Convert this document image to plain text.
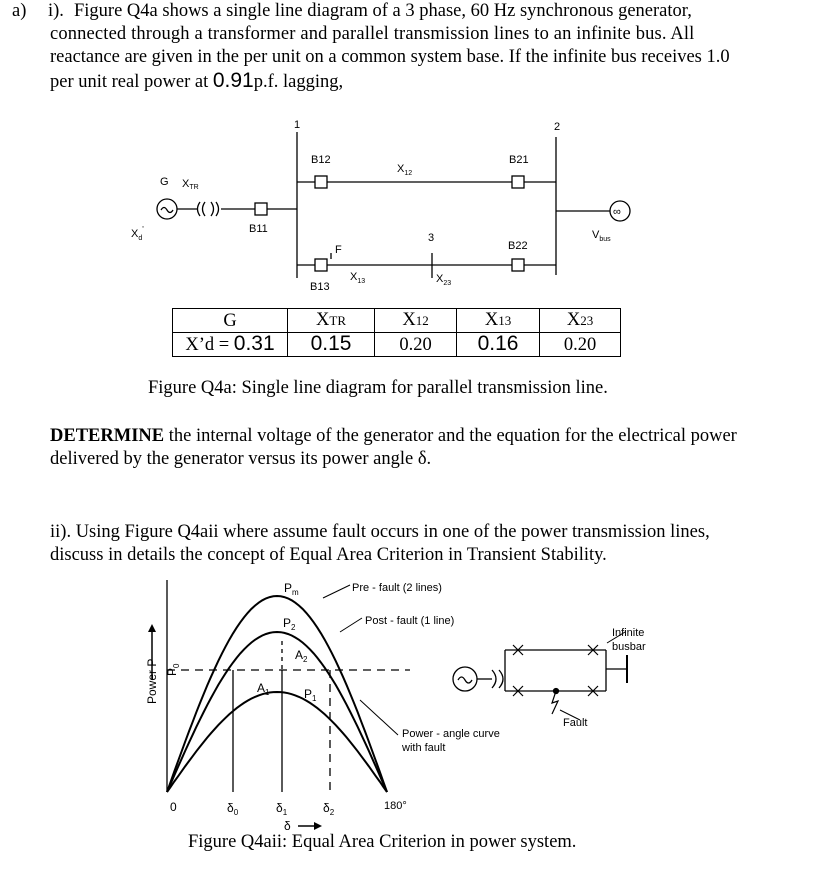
a) i). Figure Q4a shows a single line diagram of a 3 phase, 60 Hz synchronous generator,
connected through a transformer and parallel transmission lines to an infinite bus. All
reactance are given in the per unit on a common system base. If the infinite bus receives 1.0
per unit real power at 0.91p.f. lagging,
1	2
3
B12	B21
B11
B13
B22
G XTR
$X_d'$
$X_{12}$
$X_{13}$	$X_{23}$
F
$V_{bus}$
∞
G	XTR	X12	X13	X23
X’d = 0.31	0.15	0.20	0.16	0.20
Figure Q4a: Single line diagram for parallel transmission line.
DETERMINE the internal voltage of the generator and the equation for the electrical power
delivered by the generator versus its power angle δ.
ii). Using Figure Q4aii where assume fault occurs in one of the power transmission lines,
discuss in details the concept of Equal Area Criterion in Transient Stability.
Power P
$P_m$
$P_2$
$P_1$
$P_0$
$A_1$
$A_2$
0	$\delta_0$	$\delta_1$	$\delta_2$
180°
δ
Pre - fault (2 lines)
Post - fault (1 line)
Power - angle curve
with fault
Infinite
busbar
Fault
Figure Q4aii: Equal Area Criterion in power system.
